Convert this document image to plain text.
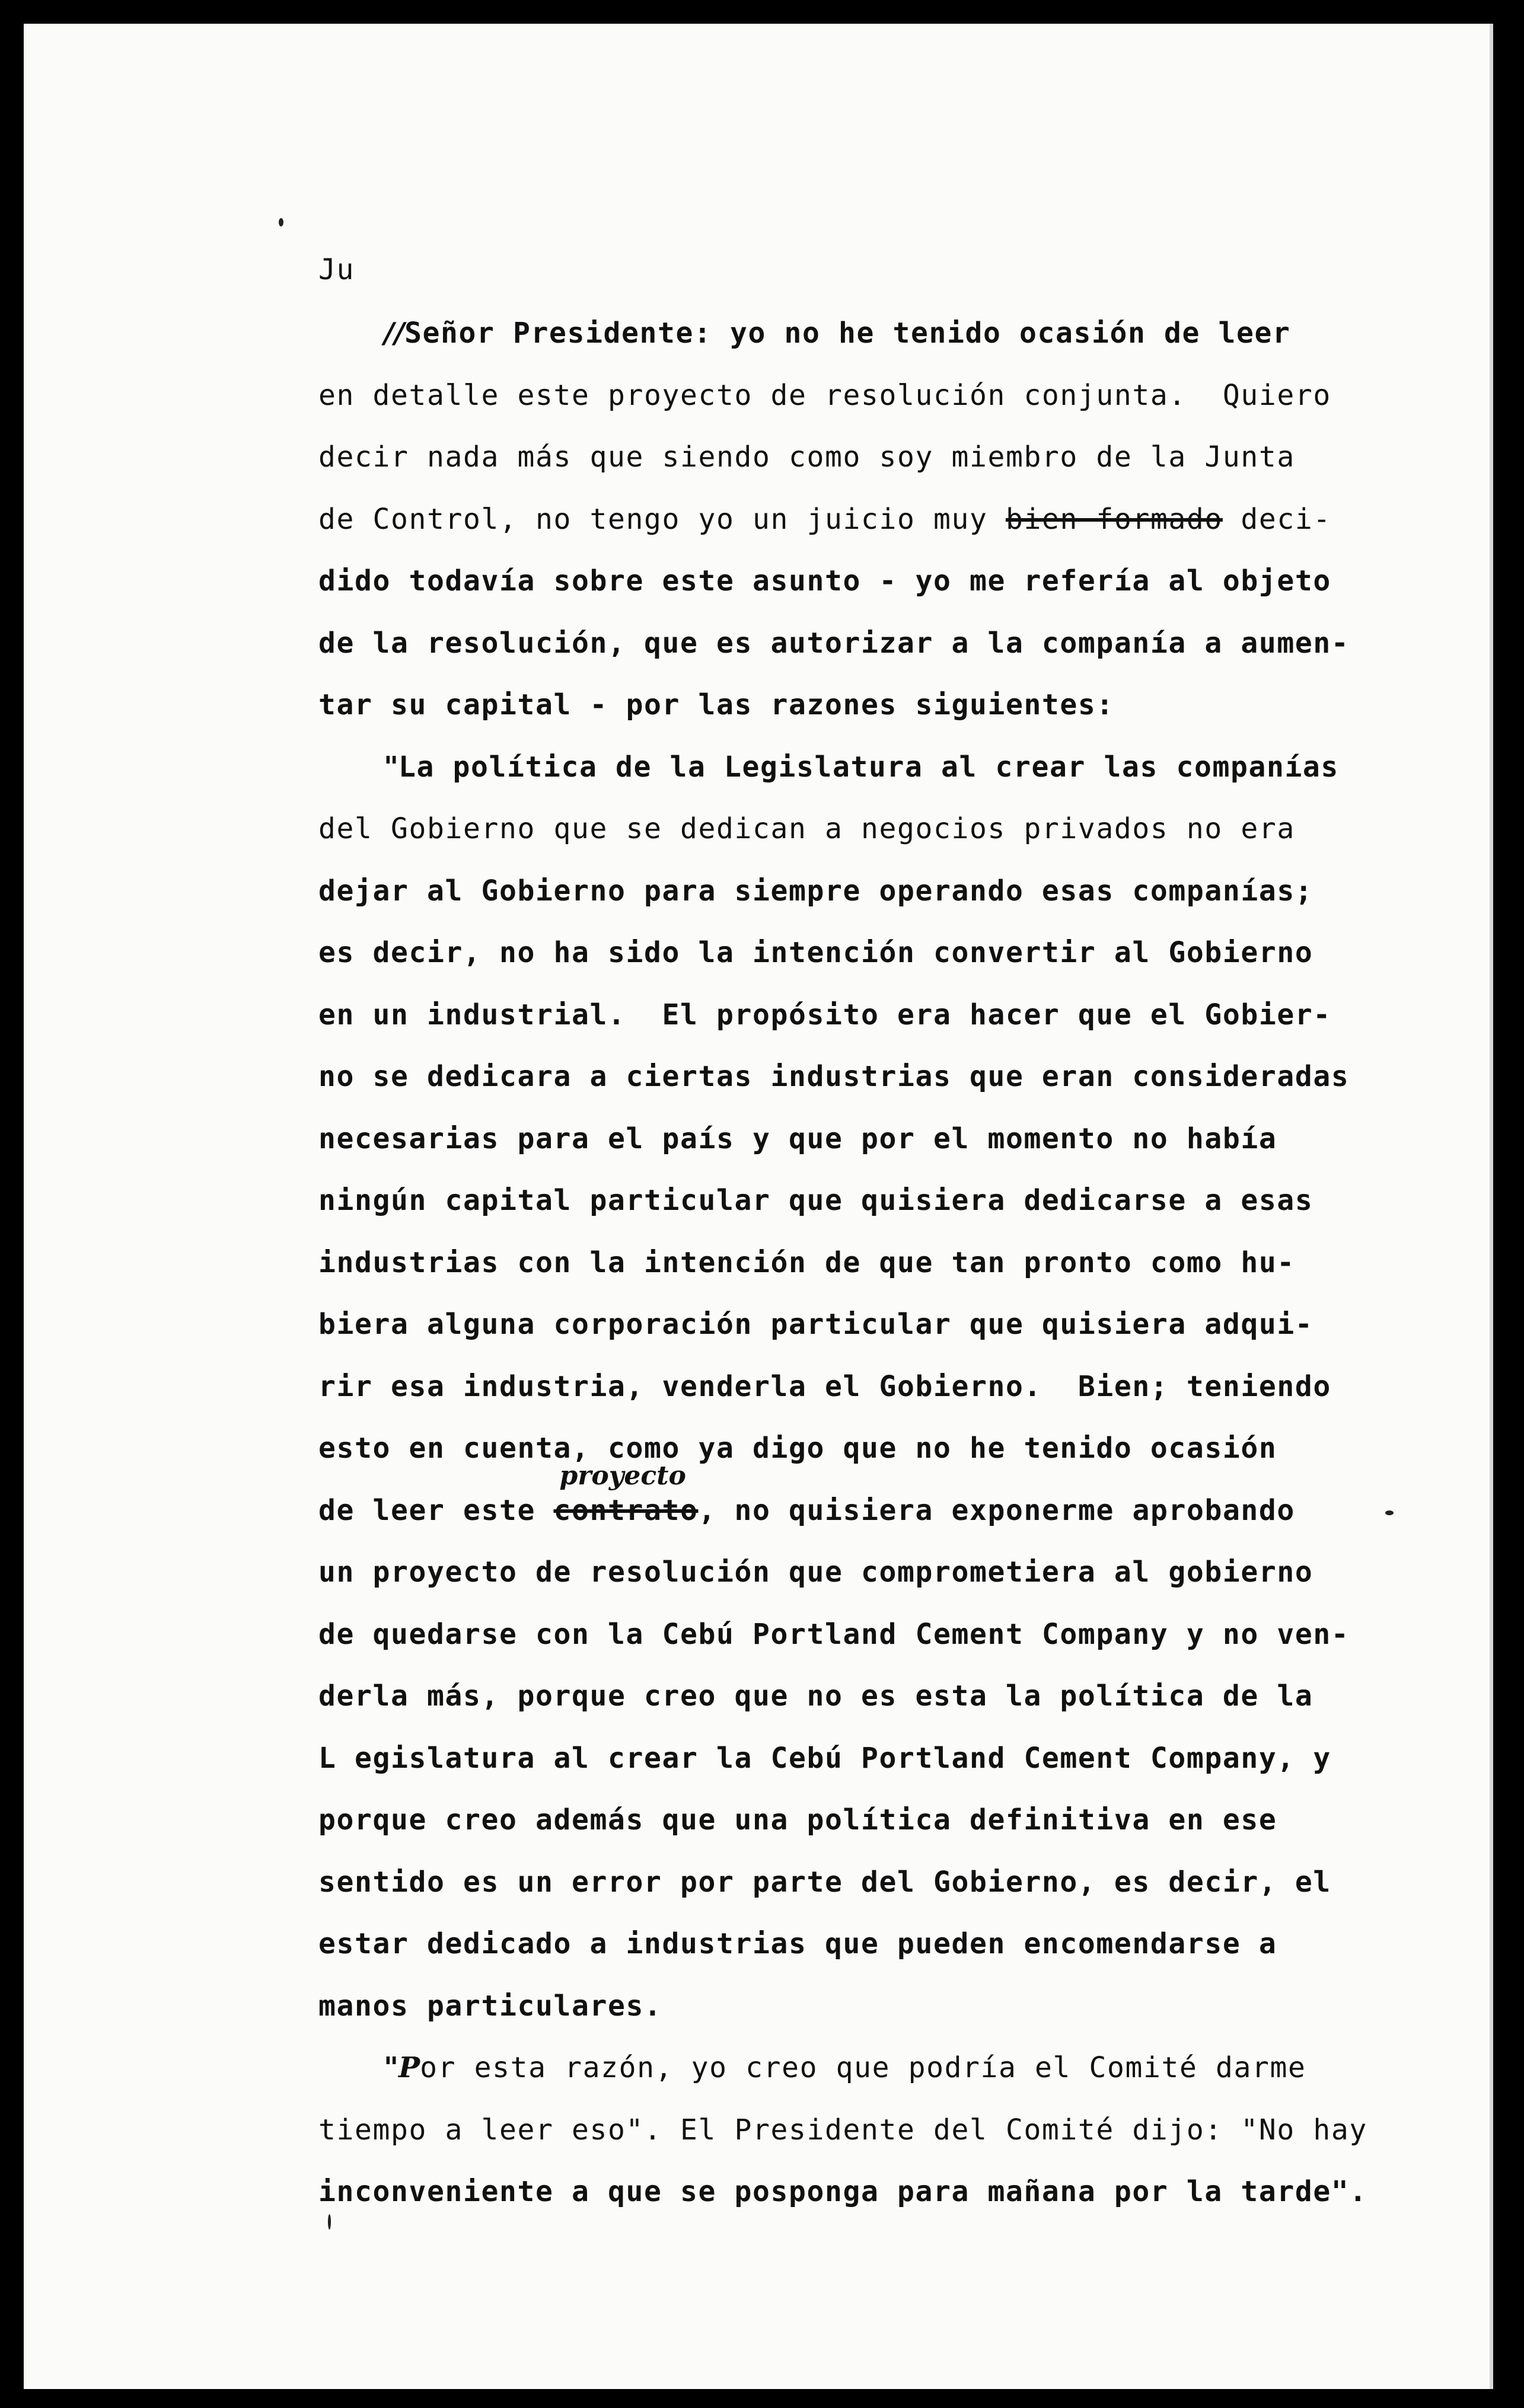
Ju
//Señor Presidente: yo no he tenido ocasión de leer
en detalle este proyecto de resolución conjunta.  Quiero
decir nada más que siendo como soy miembro de la Junta
de Control, no tengo yo un juicio muy bien formado deci-
dido todavía sobre este asunto - yo me refería al objeto
de la resolución, que es autorizar a la companía a aumen-
tar su capital - por las razones siguientes:
"La política de la Legislatura al crear las companías
del Gobierno que se dedican a negocios privados no era
dejar al Gobierno para siempre operando esas companías;
es decir, no ha sido la intención convertir al Gobierno
en un industrial.  El propósito era hacer que el Gobier-
no se dedicara a ciertas industrias que eran consideradas
necesarias para el país y que por el momento no había
ningún capital particular que quisiera dedicarse a esas
industrias con la intención de que tan pronto como hu-
biera alguna corporación particular que quisiera adqui-
rir esa industria, venderla el Gobierno.  Bien; teniendo
esto en cuenta, como ya digo que no he tenido ocasión
de leer este
proyecto
contrato, no quisiera exponerme aprobando
un proyecto de resolución que comprometiera al gobierno
de quedarse con la Cebú Portland Cement Company y no ven-
derla más, porque creo que no es esta la política de la
L egislatura al crear la Cebú Portland Cement Company, y
porque creo además que una política definitiva en ese
sentido es un error por parte del Gobierno, es decir, el
estar dedicado a industrias que pueden encomendarse a
manos particulares.
"Por esta razón, yo creo que podría el Comité darme
tiempo a leer eso". El Presidente del Comité dijo: "No hay
inconveniente a que se posponga para mañana por la tarde".
